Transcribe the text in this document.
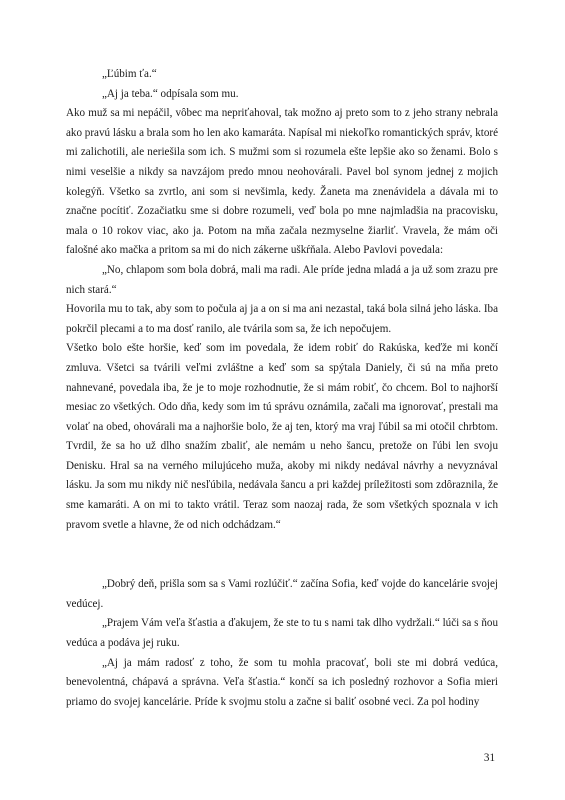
„Ľúbim ťa.“

„Aj ja teba.“ odpísala som mu.

Ako muž sa mi nepáčil, vôbec ma nepriťahoval, tak možno aj preto som to z jeho strany nebrala ako pravú lásku a brala som ho len ako kamaráta. Napísal mi niekoľko romantických správ, ktoré mi zalichotili, ale neriešila som ich. S mužmi som si rozumela ešte lepšie ako so ženami. Bolo s nimi veselšie a nikdy sa navzájom predo mnou neohovárali. Pavel bol synom jednej z mojich kolegýň. Všetko sa zvrtlo, ani som si nevšimla, kedy. Žaneta ma znenávidela a dávala mi to značne pocítiť. Zozačiatku sme si dobre rozumeli, veď bola po mne najmladšia na pracovisku, mala o 10 rokov viac, ako ja. Potom na mňa začala nezmyselne žiarliť. Vravela, že mám oči falošné ako mačka a pritom sa mi do nich zákerne uškŕňala. Alebo Pavlovi povedala:

„No, chlapom som bola dobrá, mali ma radi. Ale príde jedna mladá a ja už som zrazu pre nich stará.“

Hovorila mu to tak, aby som to počula aj ja a on si ma ani nezastal, taká bola silná jeho láska. Iba pokrčil plecami a to ma dosť ranilo, ale tvárila som sa, že ich nepočujem.

Všetko bolo ešte horšie, keď som im povedala, že idem robiť do Rakúska, keďže mi končí zmluva. Všetci sa tvárili veľmi zvláštne a keď som sa spýtala Daniely, či sú na mňa preto nahnevané, povedala iba, že je to moje rozhodnutie, že si mám robiť, čo chcem. Bol to najhorší mesiac zo všetkých. Odo dňa, kedy som im tú správu oznámila, začali ma ignorovať, prestali ma volať na obed, ohovárali ma a najhoršie bolo, že aj ten, ktorý ma vraj ľúbil sa mi otočil chrbtom. Tvrdil, že sa ho už dlho snažím zbaliť, ale nemám u neho šancu, pretože on ľúbi len svoju Denisku. Hral sa na verného milujúceho muža, akoby mi nikdy nedával návrhy a nevyznával lásku. Ja som mu nikdy nič nesľúbila, nedávala šancu a pri každej príležitosti som zdôraznila, že sme kamaráti. A on mi to takto vrátil. Teraz som naozaj rada, že som všetkých spoznala v ich pravom svetle a hlavne, že od nich odchádzam.“

„Dobrý deň, prišla som sa s Vami rozlúčiť.“ začína Sofia, keď vojde do kancelárie svojej vedúcej.

„Prajem Vám veľa šťastia a ďakujem, že ste to tu s nami tak dlho vydržali.“ lúči sa s ňou vedúca a podáva jej ruku.

„Aj ja mám radosť z toho, že som tu mohla pracovať, boli ste mi dobrá vedúca, benevolentná, chápavá a správna. Veľa šťastia.“ končí sa ich posledný rozhovor a Sofia mieri priamo do svojej kancelárie. Príde k svojmu stolu a začne si baliť osobné veci. Za pol hodiny

31
